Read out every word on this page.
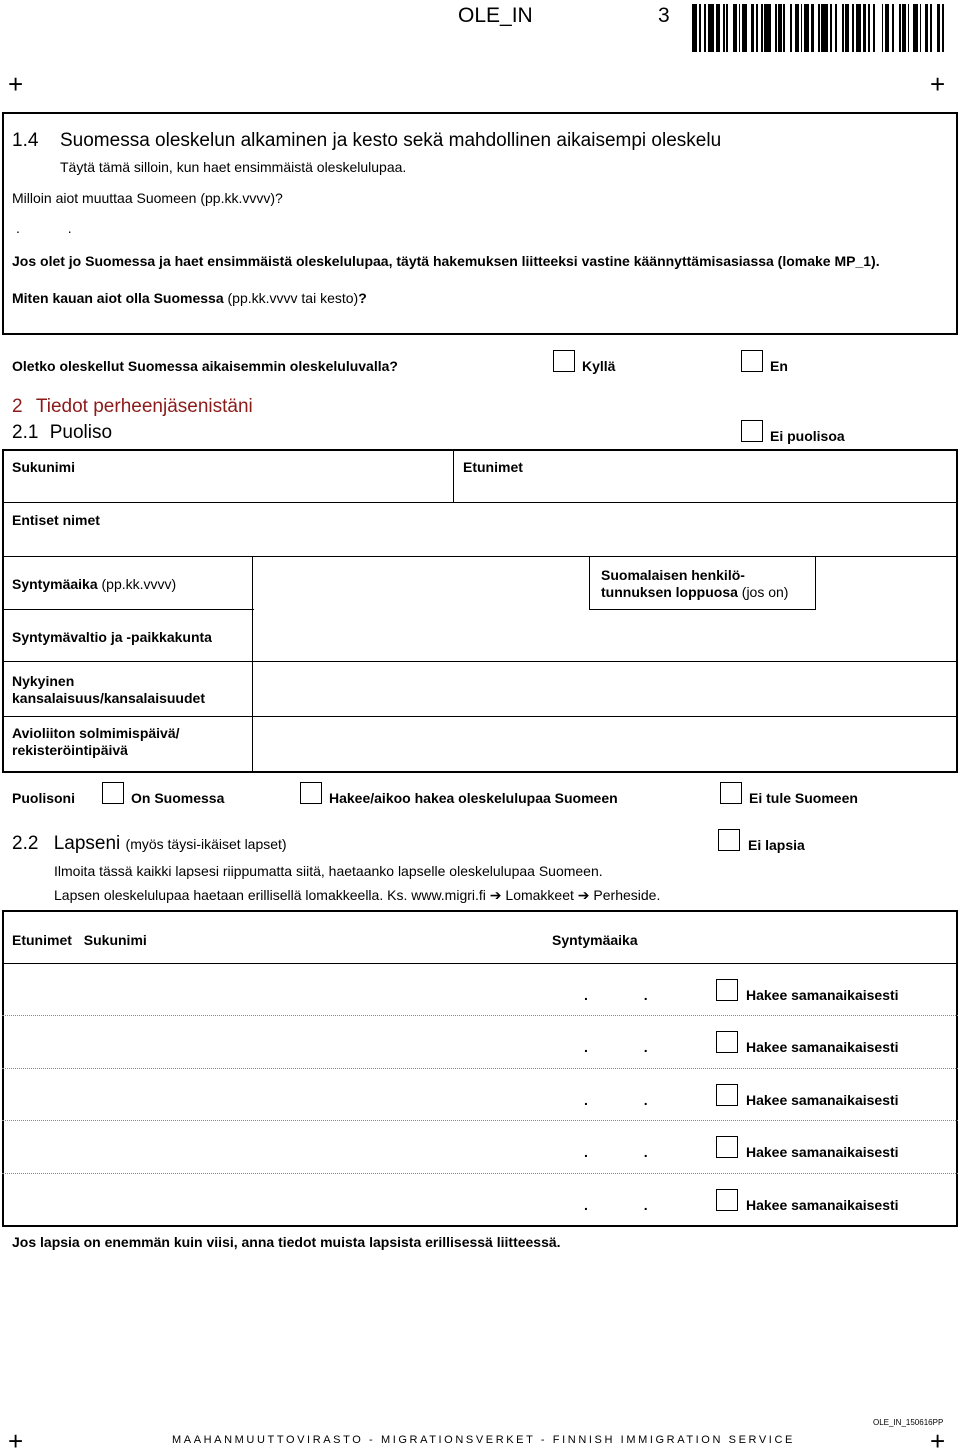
OLE_IN	3
+	+
1.4 Suomessa oleskelun alkaminen ja kesto sekä mahdollinen aikaisempi oleskelu
Täytä tämä silloin, kun haet ensimmäistä oleskelulupaa.
Milloin aiot muuttaa Suomeen (pp.kk.vvvv)?
. .
Jos olet jo Suomessa ja haet ensimmäistä oleskelulupaa, täytä hakemuksen liitteeksi vastine käännyttämisasiassa (lomake MP_1).
Miten kauan aiot olla Suomessa (pp.kk.vvvv tai kesto)?
Oletko oleskellut Suomessa aikaisemmin oleskeluluvalla?	Kyllä	En
2 Tiedot perheenjäsenistäni
2.1 Puoliso	Ei puolisoa
Sukunimi	Etunimet
Entiset nimet
Syntymäaika (pp.kk.vvvv)
Suomalaisen henkilö-
tunnuksen loppuosa (jos on)
Syntymävaltio ja -paikkakunta
Nykyinen
kansalaisuus/kansalaisuudet
Avioliiton solmimispäivä/
rekisteröintipäivä
Puolisoni	On Suomessa	Hakee/aikoo hakea oleskelulupaa Suomeen	Ei tule Suomeen
2.2 Lapseni (myös täysi-ikäiset lapset)	Ei lapsia
Ilmoita tässä kaikki lapsesi riippumatta siitä, haetaanko lapselle oleskelulupaa Suomeen.
Lapsen oleskelulupaa haetaan erillisellä lomakkeella. Ks. www.migri.fi ➔ Lomakkeet ➔ Perheside.
Etunimet Sukunimi	Syntymäaika
. .	Hakee samanaikaisesti
. .	Hakee samanaikaisesti
. .	Hakee samanaikaisesti
. .	Hakee samanaikaisesti
. .	Hakee samanaikaisesti
Jos lapsia on enemmän kuin viisi, anna tiedot muista lapsista erillisessä liitteessä.
OLE_IN_150616PP
+	+
MAAHANMUUTTOVIRASTO - MIGRATIONSVERKET - FINNISH IMMIGRATION SERVICE
